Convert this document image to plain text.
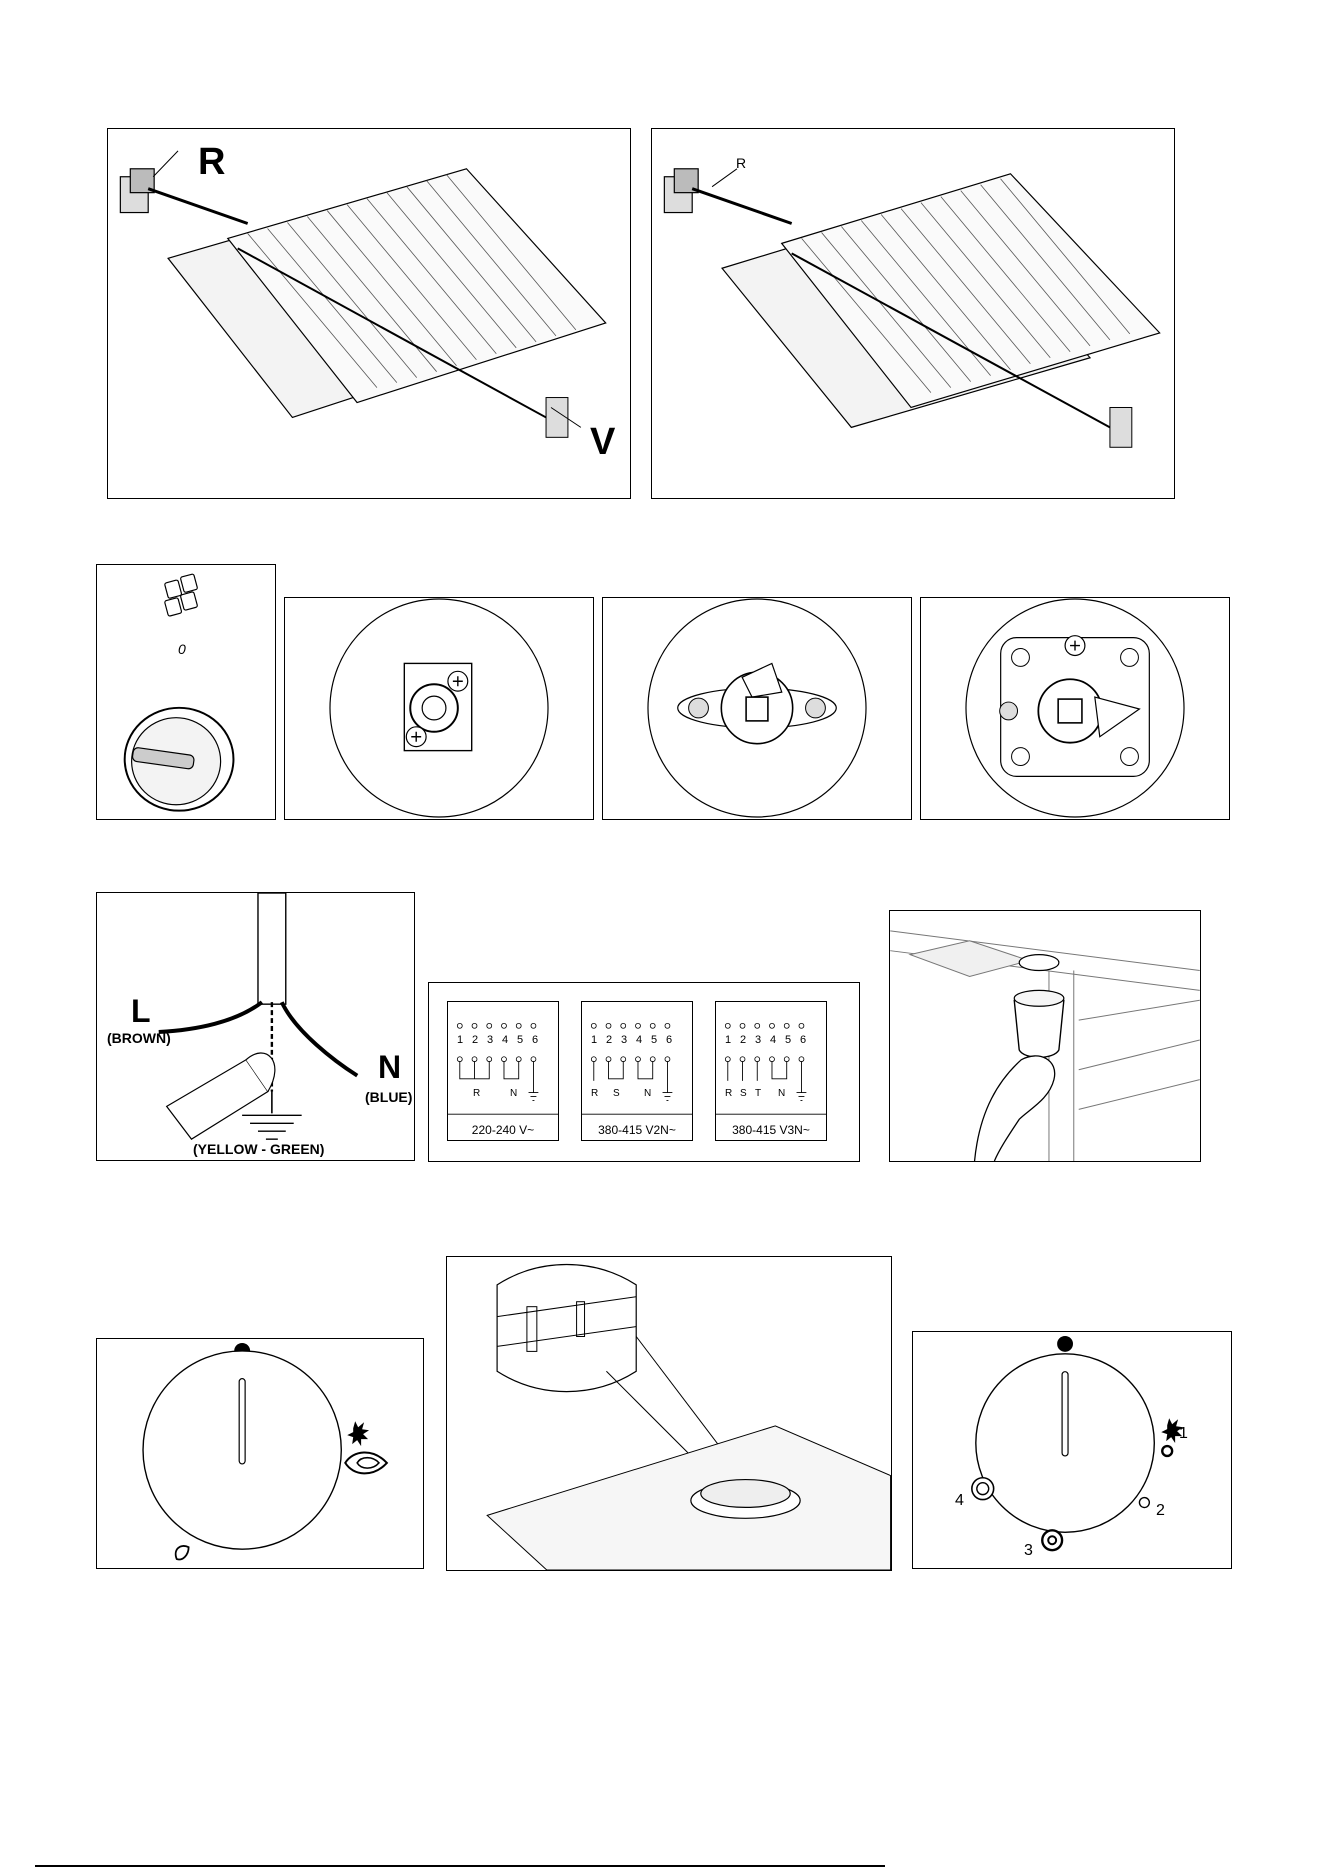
R
V
R
0
L
(BROWN)
N
(BLUE)
(YELLOW - GREEN)
1 2 3 4 5 6
R	N
220-240 V~
1 2 3 4 5 6
R S N
380-415 V2N~
1 2 3 4 5 6
R S T N
380-415 V3N~
1
2
3
4
